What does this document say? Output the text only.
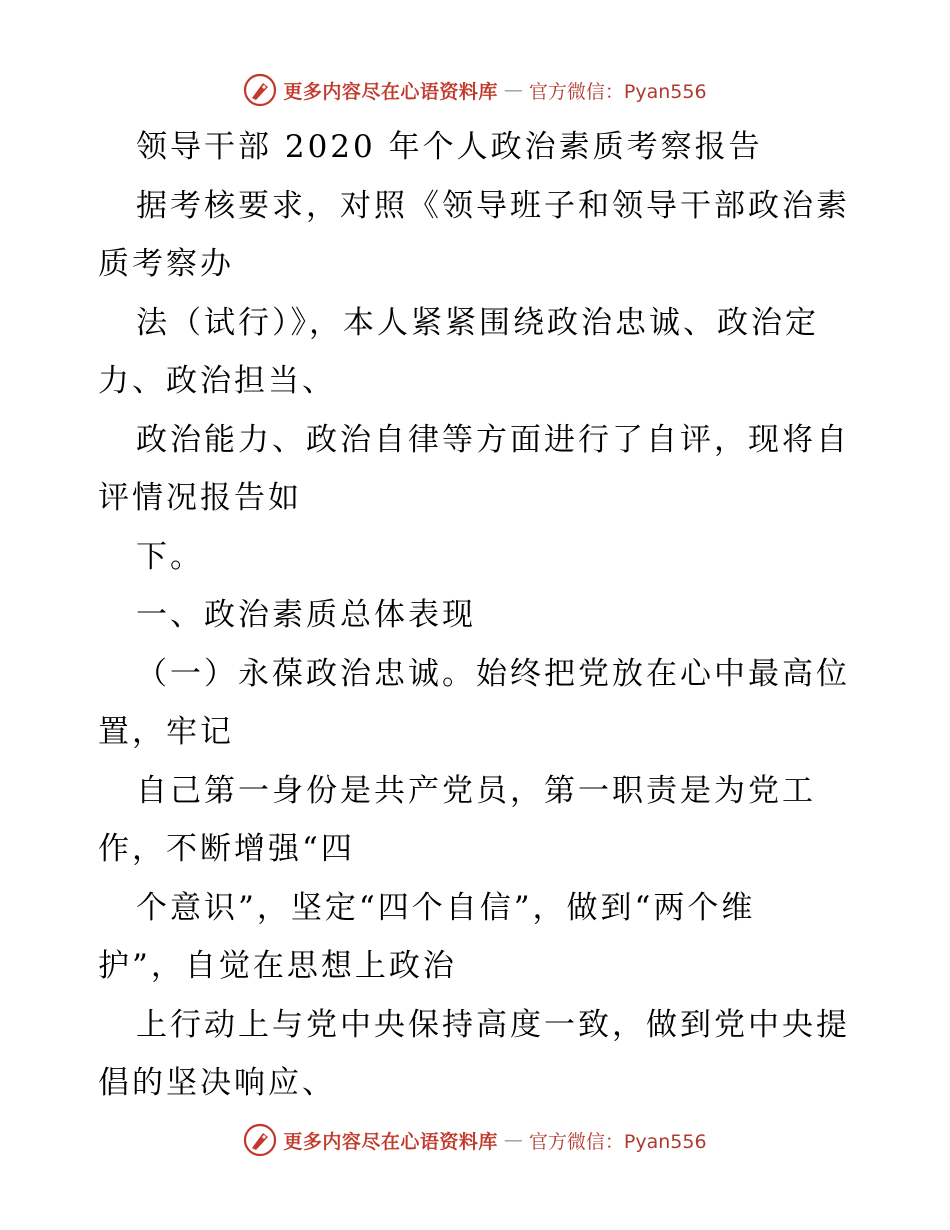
更多内容尽在心语资料库 — 官方微信：Pyan556
领导干部 2020 年个人政治素质考察报告
据考核要求，对照《领导班子和领导干部政治素
质考察办
法（试行）》，本人紧紧围绕政治忠诚、政治定
力、政治担当、
政治能力、政治自律等方面进行了自评，现将自
评情况报告如
下。
一、政治素质总体表现
（一）永葆政治忠诚。始终把党放在心中最高位
置，牢记
自己第一身份是共产党员，第一职责是为党工
作，不断增强“四
个意识”，坚定“四个自信”，做到“两个维
护”，自觉在思想上政治
上行动上与党中央保持高度一致，做到党中央提
倡的坚决响应、
更多内容尽在心语资料库 — 官方微信：Pyan556
